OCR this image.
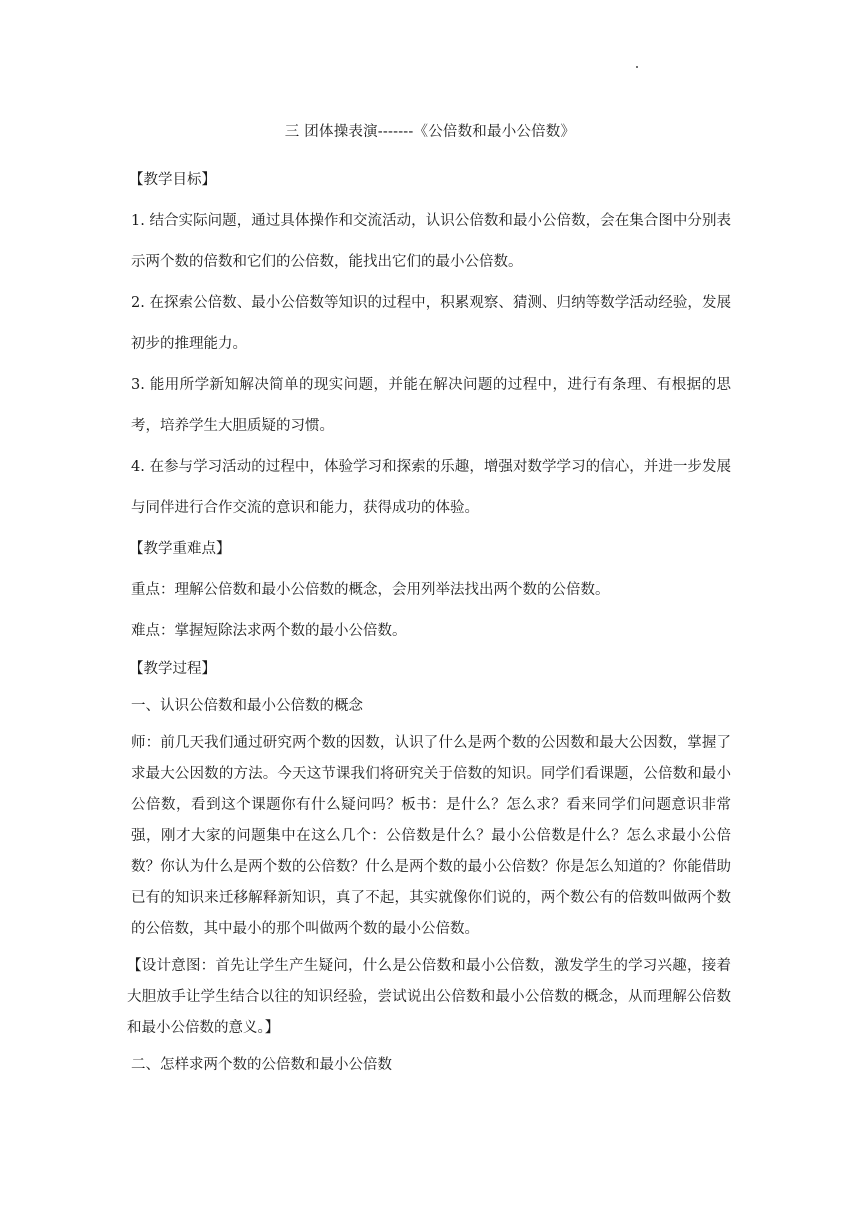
三 团体操表演-------《公倍数和最小公倍数》

【教学目标】

1. 结合实际问题，通过具体操作和交流活动，认识公倍数和最小公倍数，会在集合图中分别表示两个数的倍数和它们的公倍数，能找出它们的最小公倍数。

2. 在探索公倍数、最小公倍数等知识的过程中，积累观察、猜测、归纳等数学活动经验，发展初步的推理能力。

3. 能用所学新知解决简单的现实问题，并能在解决问题的过程中，进行有条理、有根据的思考，培养学生大胆质疑的习惯。

4. 在参与学习活动的过程中，体验学习和探索的乐趣，增强对数学学习的信心，并进一步发展与同伴进行合作交流的意识和能力，获得成功的体验。

【教学重难点】

重点：理解公倍数和最小公倍数的概念，会用列举法找出两个数的公倍数。

难点：掌握短除法求两个数的最小公倍数。

【教学过程】

一、认识公倍数和最小公倍数的概念

师：前几天我们通过研究两个数的因数，认识了什么是两个数的公因数和最大公因数，掌握了求最大公因数的方法。今天这节课我们将研究关于倍数的知识。同学们看课题，公倍数和最小公倍数，看到这个课题你有什么疑问吗？板书：是什么？怎么求？看来同学们问题意识非常强，刚才大家的问题集中在这么几个：公倍数是什么？最小公倍数是什么？怎么求最小公倍数？你认为什么是两个数的公倍数？什么是两个数的最小公倍数？你是怎么知道的？你能借助已有的知识来迁移解释新知识，真了不起，其实就像你们说的，两个数公有的倍数叫做两个数的公倍数，其中最小的那个叫做两个数的最小公倍数。

【设计意图：首先让学生产生疑问，什么是公倍数和最小公倍数，激发学生的学习兴趣，接着大胆放手让学生结合以往的知识经验，尝试说出公倍数和最小公倍数的概念，从而理解公倍数和最小公倍数的意义。】

二、怎样求两个数的公倍数和最小公倍数
